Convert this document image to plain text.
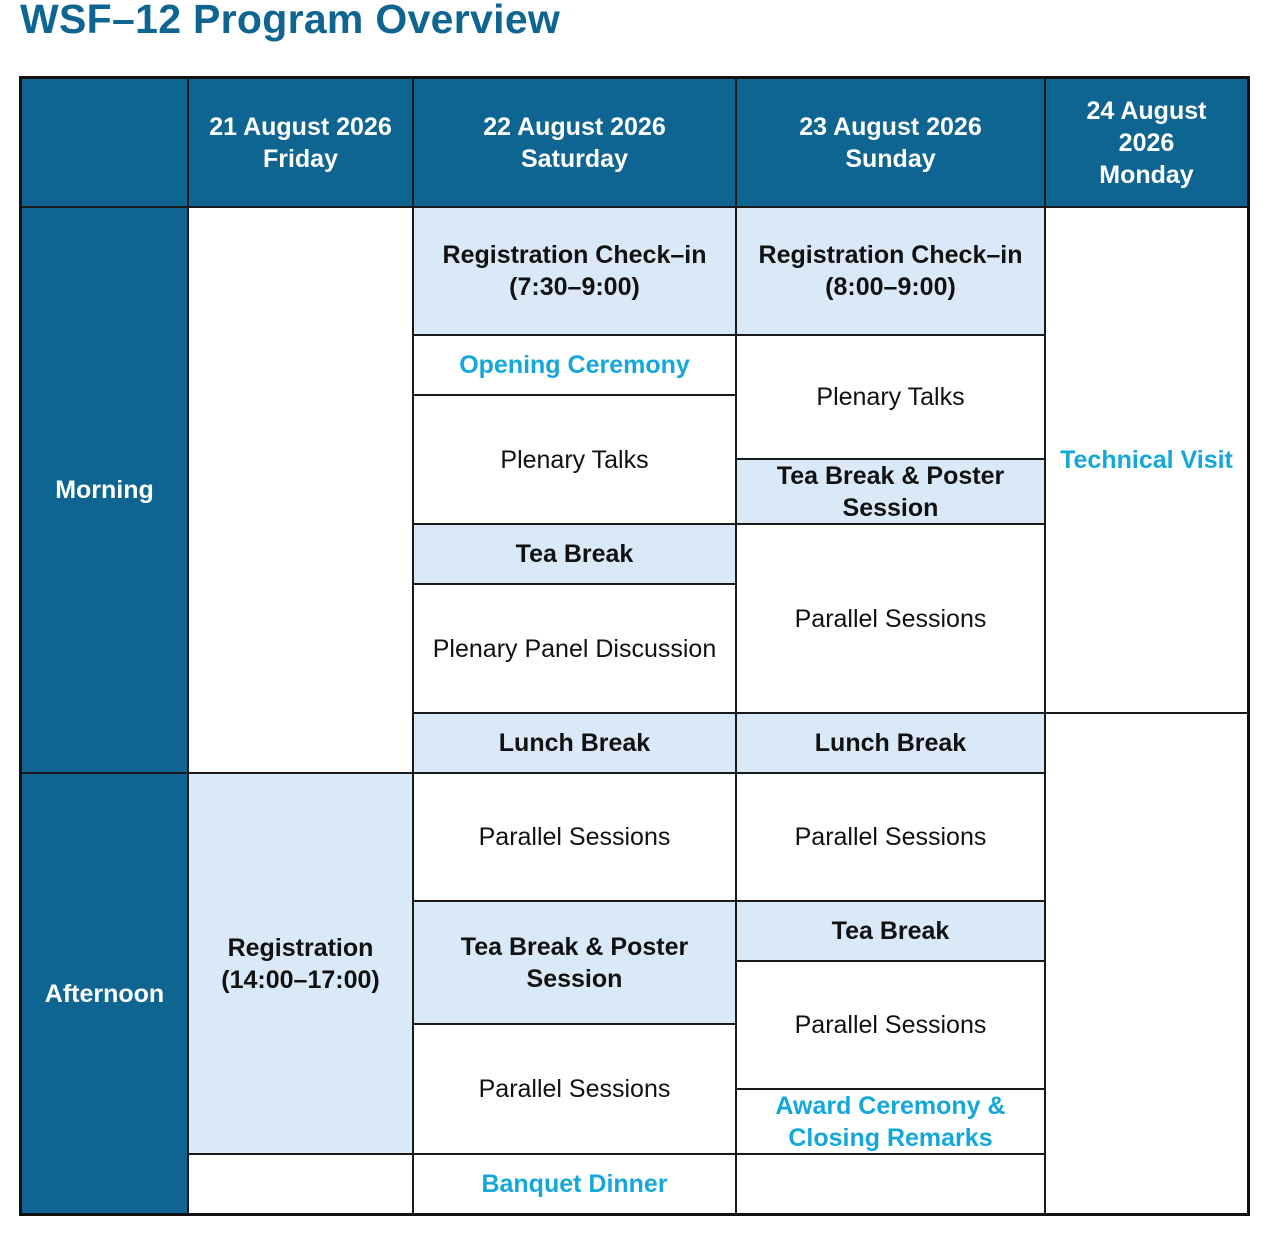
WSF–12 Program Overview
21 August 2026
Friday
22 August 2026
Saturday
23 August 2026
Sunday
24 August
2026
Monday
Morning
Afternoon
Registration
(14:00–17:00)
Registration Check–in
(7:30–9:00)
Opening Ceremony
Plenary Talks
Tea Break
Plenary Panel Discussion
Lunch Break
Parallel Sessions
Tea Break & Poster
Session
Parallel Sessions
Banquet Dinner
Registration Check–in
(8:00–9:00)
Plenary Talks
Tea Break & Poster
Session
Parallel Sessions
Lunch Break
Parallel Sessions
Tea Break
Parallel Sessions
Award Ceremony &
Closing Remarks
Technical Visit
